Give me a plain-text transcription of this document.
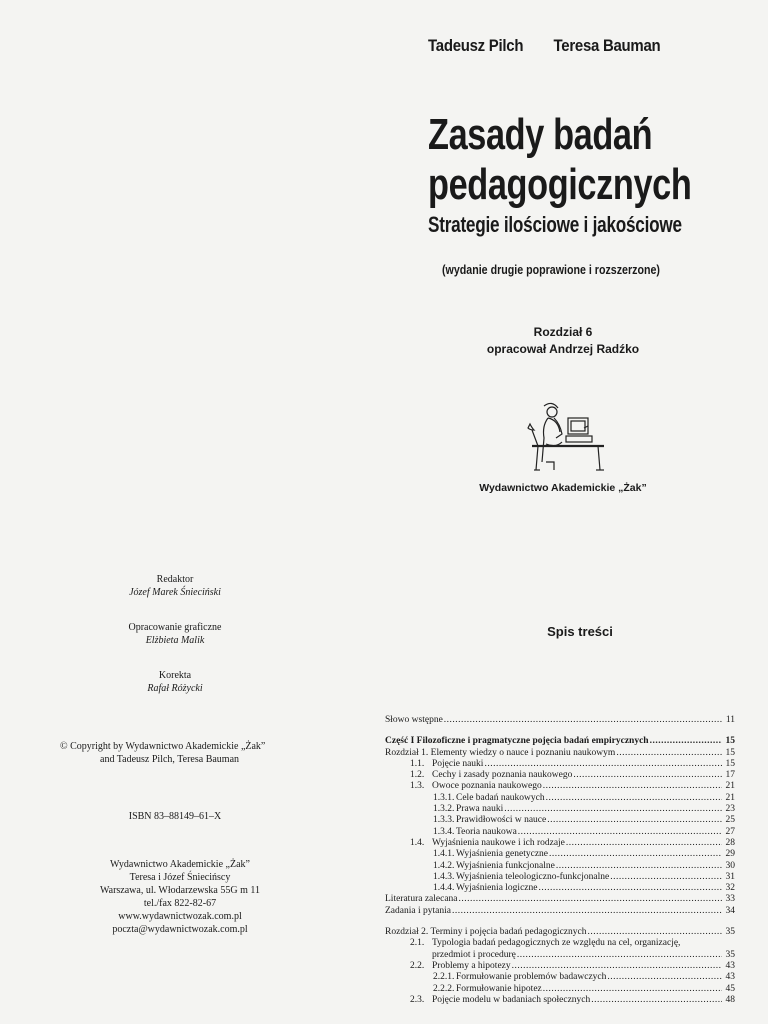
Tadeusz Pilch Teresa Bauman
Zasady badań
pedagogicznych
Strategie ilościowe i jakościowe
(wydanie drugie poprawione i rozszerzone)
Rozdział 6
opracował Andrzej Radźko
Wydawnictwo Akademickie „Żak”
Redaktor
Józef Marek Śnieciński
Opracowanie graficzne
Elżbieta Malik
Korekta
Rafał Różycki
© Copyright by Wydawnictwo Akademickie „Żak”
and Tadeusz Pilch, Teresa Bauman
ISBN 83–88149–61–X
Wydawnictwo Akademickie „Żak”
Teresa i Józef Śniecińscy
Warszawa, ul. Włodarzewska 55G m 11
tel./fax 822-82-67
www.wydawnictwozak.com.pl
poczta@wydawnictwozak.com.pl
Spis treści
Słowo wstępne .....	11
Część I Filozoficzne i pragmatyczne pojęcia badań empirycznych .....	15
Rozdział 1. Elementy wiedzy o nauce i poznaniu naukowym .....	15
1.1. Pojęcie nauki .....	15
1.2. Cechy i zasady poznania naukowego .....	17
1.3. Owoce poznania naukowego .....	21
1.3.1. Cele badań naukowych .....	21
1.3.2. Prawa nauki .....	23
1.3.3. Prawidłowości w nauce .....	25
1.3.4. Teoria naukowa .....	27
1.4. Wyjaśnienia naukowe i ich rodzaje .....	28
1.4.1. Wyjaśnienia genetyczne .....	29
1.4.2. Wyjaśnienia funkcjonalne .....	30
1.4.3. Wyjaśnienia teleologiczno-funkcjonalne .....	31
1.4.4. Wyjaśnienia logiczne .....	32
Literatura zalecana .....	33
Zadania i pytania .....	34
Rozdział 2. Terminy i pojęcia badań pedagogicznych .....	35
2.1. Typologia badań pedagogicznych ze względu na cel, organizację,
przedmiot i procedurę .....	35
2.2. Problemy a hipotezy .....	43
2.2.1. Formułowanie problemów badawczych .....	43
2.2.2. Formułowanie hipotez .....	45
2.3. Pojęcie modelu w badaniach społecznych .....	48
